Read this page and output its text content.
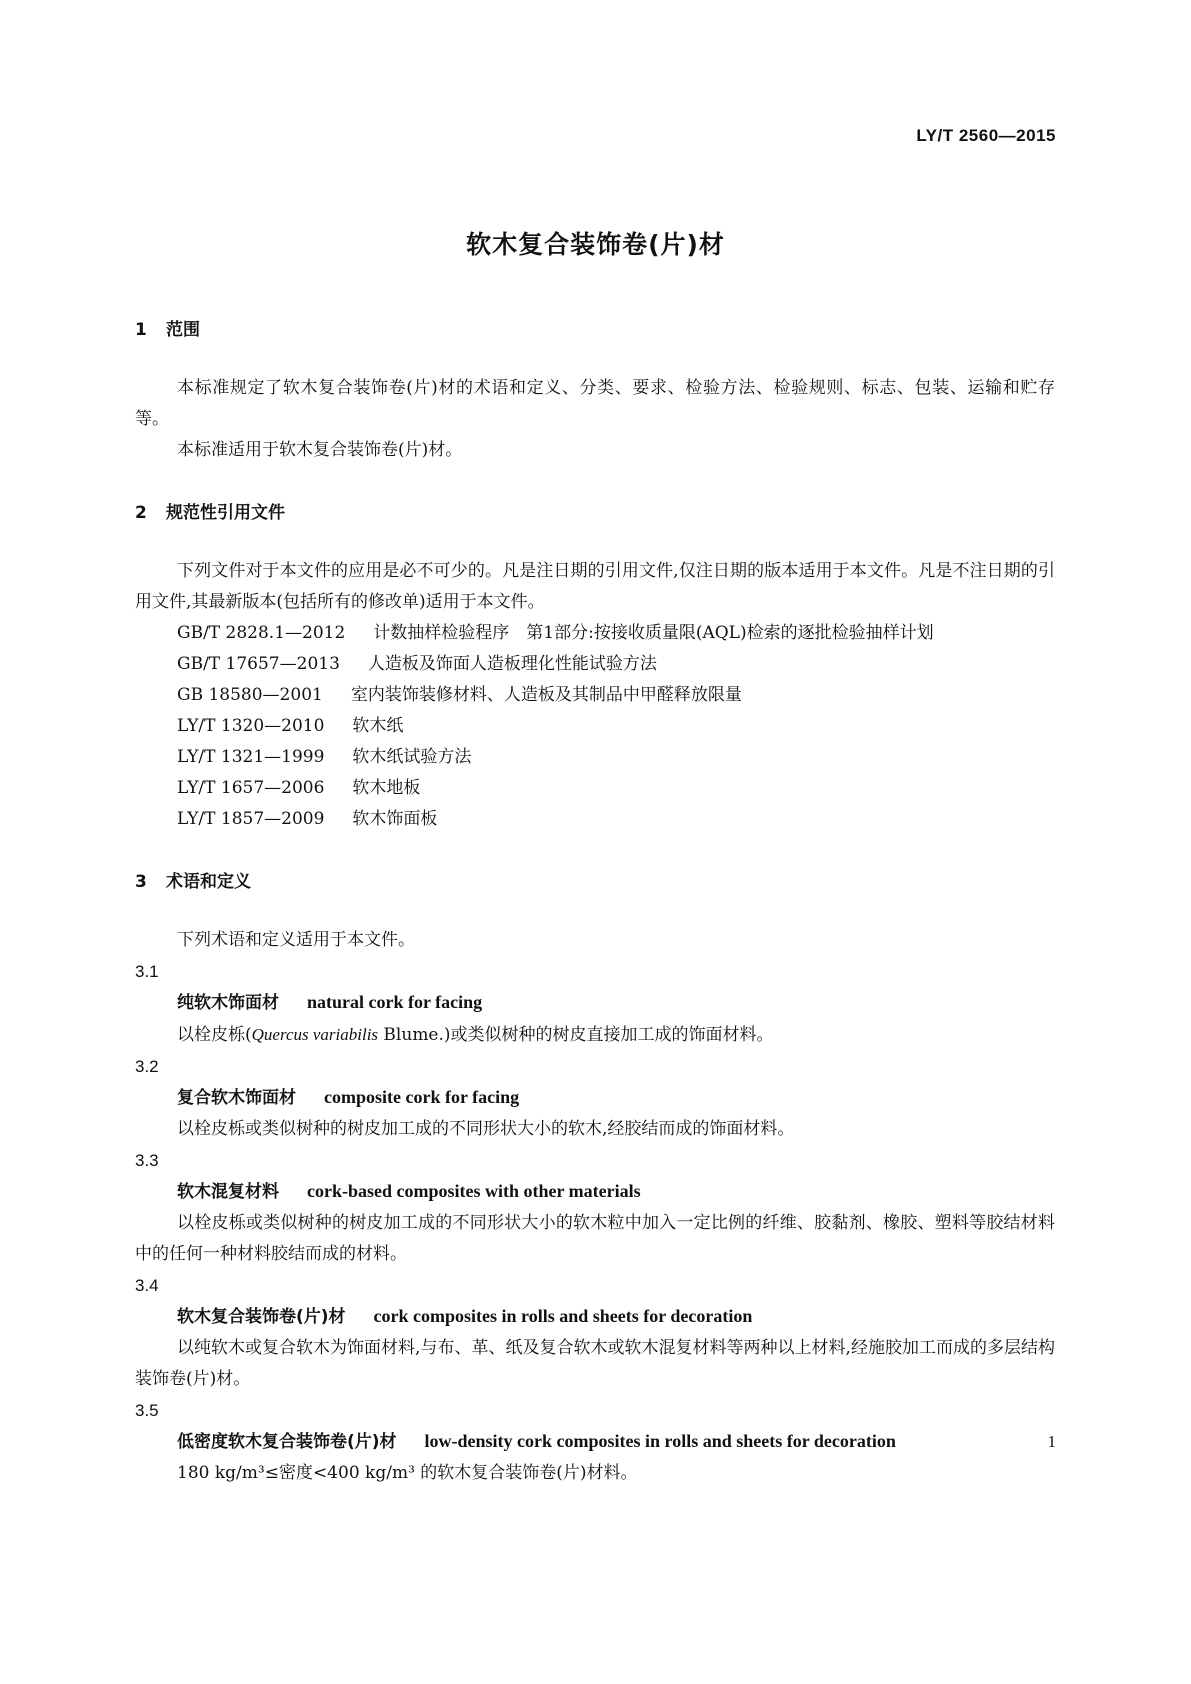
LY/T 2560—2015
软木复合装饰卷(片)材
1 范围

本标准规定了软木复合装饰卷(片)材的术语和定义、分类、要求、检验方法、检验规则、标志、包装、运输和贮存等。

本标准适用于软木复合装饰卷(片)材。

2 规范性引用文件

下列文件对于本文件的应用是必不可少的。凡是注日期的引用文件,仅注日期的版本适用于本文件。凡是不注日期的引用文件,其最新版本(包括所有的修改单)适用于本文件。

GB/T 2828.1—2012 计数抽样检验程序　第1部分:按接收质量限(AQL)检索的逐批检验抽样计划

GB/T 17657—2013 人造板及饰面人造板理化性能试验方法

GB 18580—2001 室内装饰装修材料、人造板及其制品中甲醛释放限量

LY/T 1320—2010 软木纸

LY/T 1321—1999 软木纸试验方法

LY/T 1657—2006 软木地板

LY/T 1857—2009 软木饰面板

3 术语和定义

下列术语和定义适用于本文件。

3.1

纯软木饰面材 natural cork for facing

以栓皮栎(Quercus variabilis Blume.)或类似树种的树皮直接加工成的饰面材料。

3.2

复合软木饰面材 composite cork for facing

以栓皮栎或类似树种的树皮加工成的不同形状大小的软木,经胶结而成的饰面材料。

3.3

软木混复材料 cork-based composites with other materials

以栓皮栎或类似树种的树皮加工成的不同形状大小的软木粒中加入一定比例的纤维、胶黏剂、橡胶、塑料等胶结材料中的任何一种材料胶结而成的材料。

3.4

软木复合装饰卷(片)材 cork composites in rolls and sheets for decoration

以纯软木或复合软木为饰面材料,与布、革、纸及复合软木或软木混复材料等两种以上材料,经施胶加工而成的多层结构装饰卷(片)材。

3.5

低密度软木复合装饰卷(片)材 low-density cork composites in rolls and sheets for decoration

180 kg/m³≤密度<400 kg/m³ 的软木复合装饰卷(片)材料。

1
